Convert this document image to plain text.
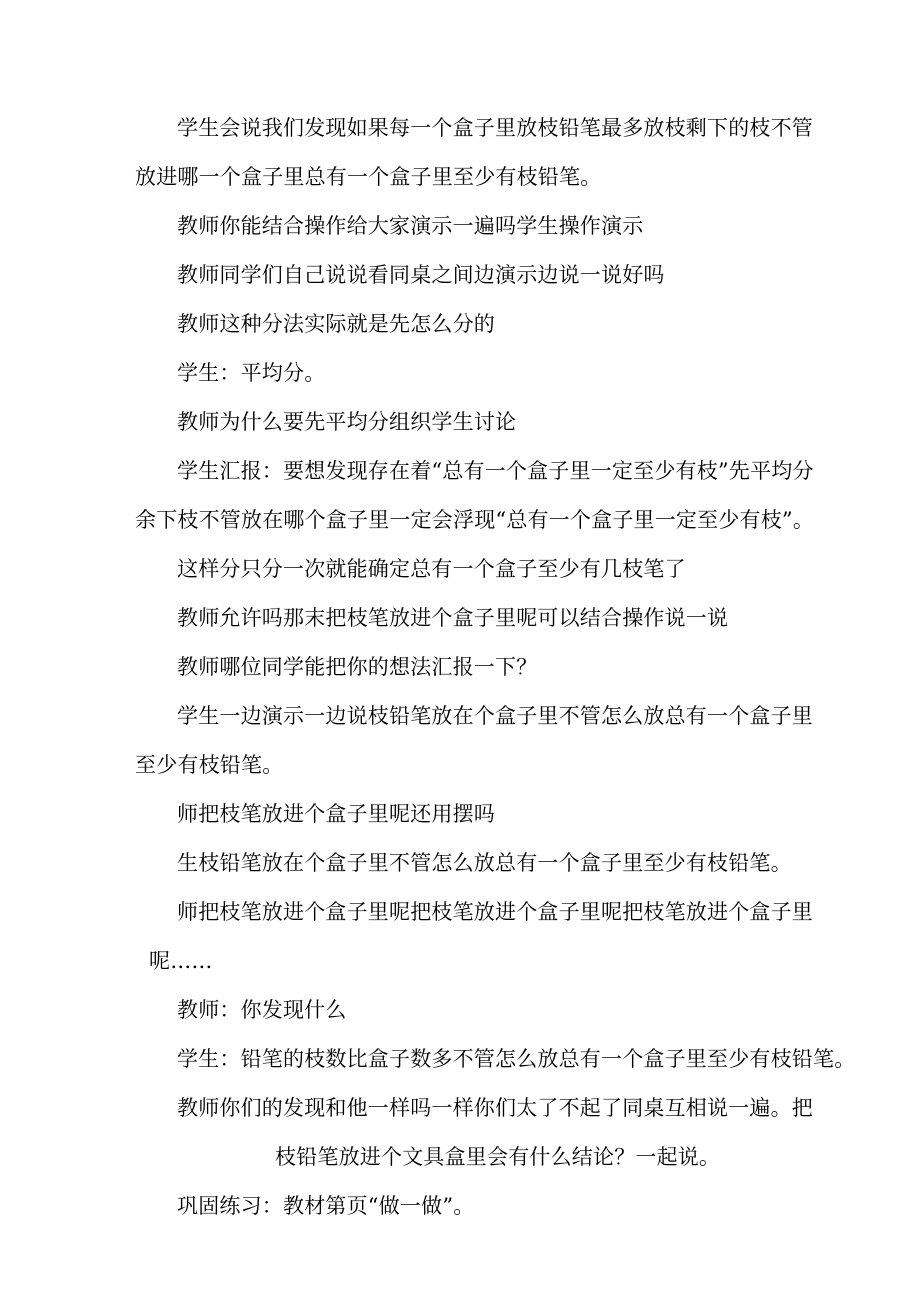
学生会说我们发现如果每一个盒子里放枝铅笔最多放枝剩下的枝不管
放进哪一个盒子里总有一个盒子里至少有枝铅笔。
教师你能结合操作给大家演示一遍吗学生操作演示
教师同学们自己说说看同桌之间边演示边说一说好吗
教师这种分法实际就是先怎么分的
学生：平均分。
教师为什么要先平均分组织学生讨论
学生汇报：要想发现存在着“总有一个盒子里一定至少有枝”先平均分
余下枝不管放在哪个盒子里一定会浮现“总有一个盒子里一定至少有枝”。
这样分只分一次就能确定总有一个盒子至少有几枝笔了
教师允许吗那末把枝笔放进个盒子里呢可以结合操作说一说
教师哪位同学能把你的想法汇报一下？
学生一边演示一边说枝铅笔放在个盒子里不管怎么放总有一个盒子里
至少有枝铅笔。
师把枝笔放进个盒子里呢还用摆吗
生枝铅笔放在个盒子里不管怎么放总有一个盒子里至少有枝铅笔。
师把枝笔放进个盒子里呢把枝笔放进个盒子里呢把枝笔放进个盒子里
呢……
教师：你发现什么
学生：铅笔的枝数比盒子数多不管怎么放总有一个盒子里至少有枝铅笔。
教师你们的发现和他一样吗一样你们太了不起了同桌互相说一遍。把
枝铅笔放进个文具盒里会有什么结论？一起说。
巩固练习：教材第页“做一做”。
